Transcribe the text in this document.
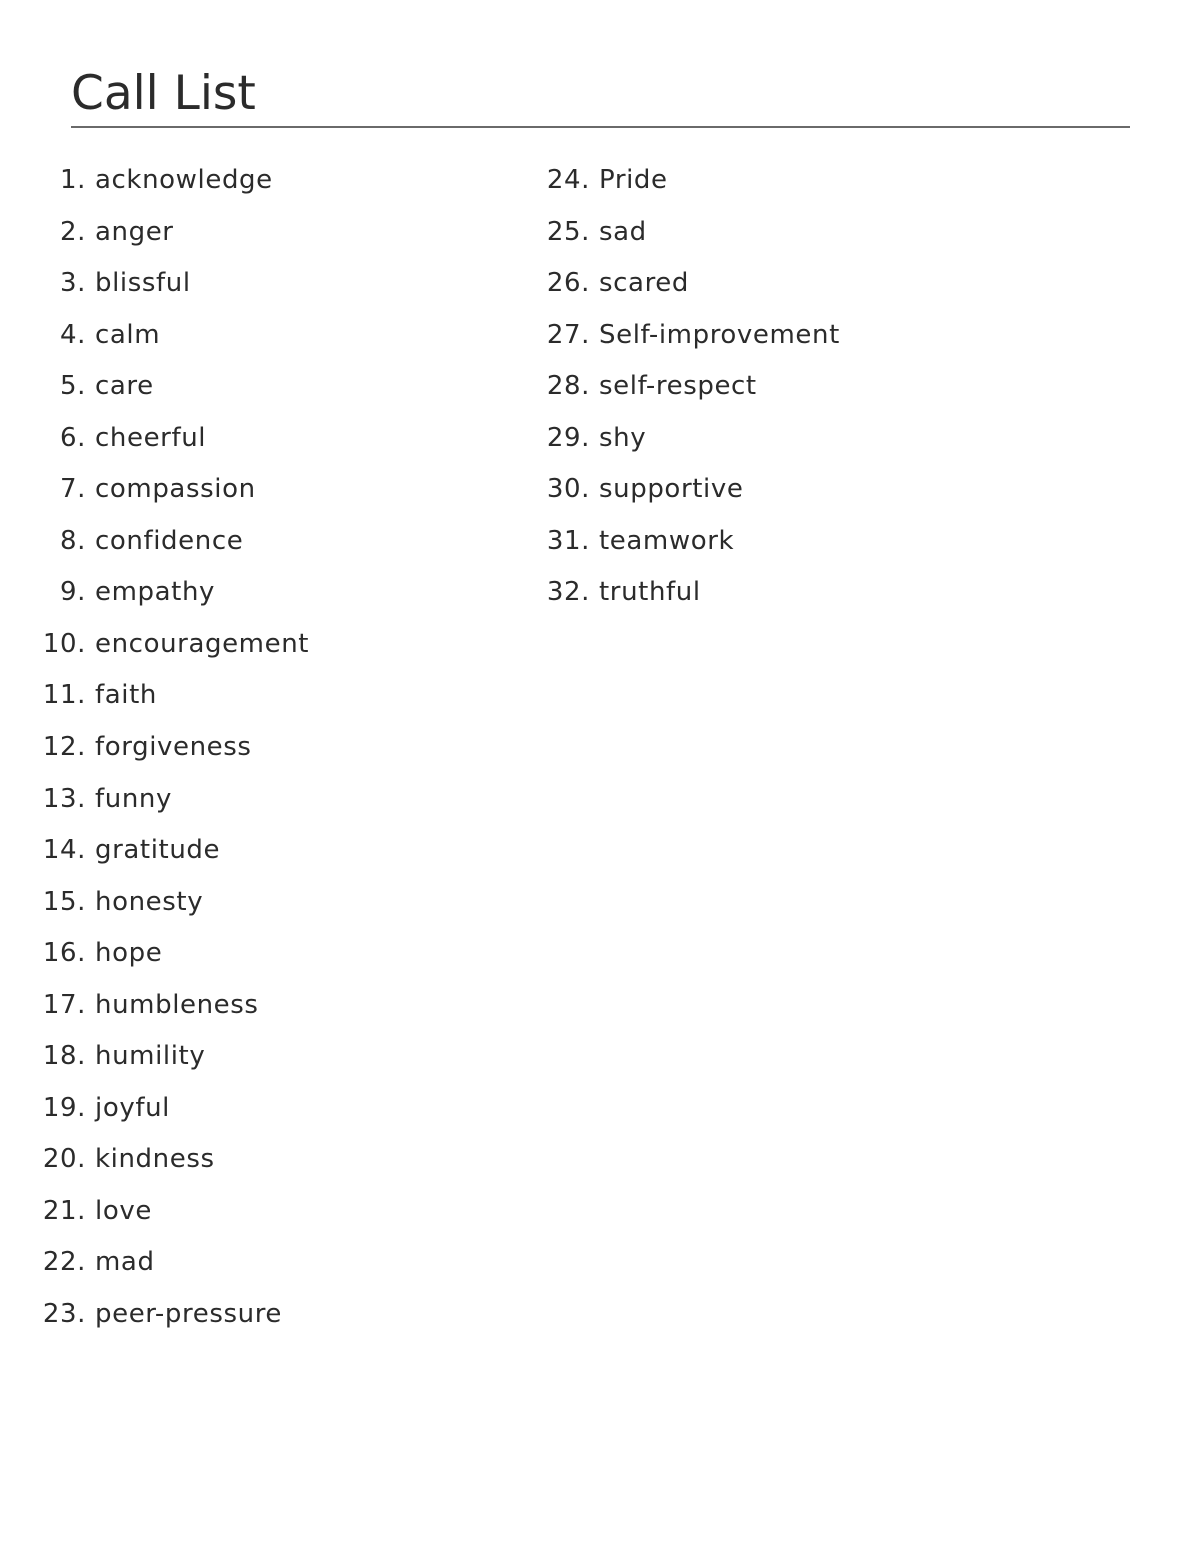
Call List
1. acknowledge
2. anger
3. blissful
4. calm
5. care
6. cheerful
7. compassion
8. confidence
9. empathy
10. encouragement
11. faith
12. forgiveness
13. funny
14. gratitude
15. honesty
16. hope
17. humbleness
18. humility
19. joyful
20. kindness
21. love
22. mad
23. peer-pressure
24. Pride
25. sad
26. scared
27. Self-improvement
28. self-respect
29. shy
30. supportive
31. teamwork
32. truthful
